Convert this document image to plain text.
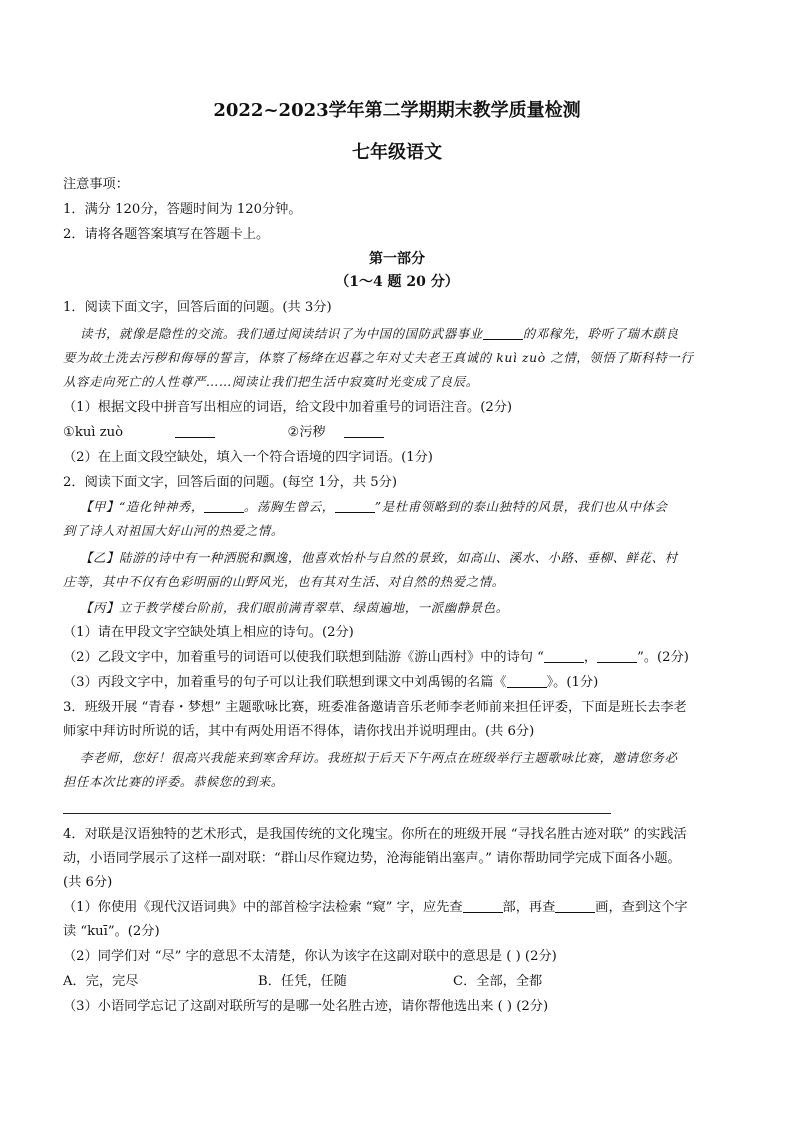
2022~2023学年第二学期期末教学质量检测
七年级语文
注意事项：
1．满分 120分，答题时间为 120分钟。
2．请将各题答案填写在答题卡上。
第一部分
（1～4 题 20 分）
1．阅读下面文字，回答后面的问题。(共 3分)
读书，就像是隐性的交流。我们通过阅读结识了为中国的国防武器事业	的邓稼先，聆听了瑞木蕻良
要为故土洗去污秽和侮辱的誓言，体察了杨绛在迟暮之年对丈夫老王真诚的 kuì zuò 之情，领悟了斯科特一行
从容走向死亡的人性尊严……阅读让我们把生活中寂寞时光变成了良辰。
（1）根据文段中拼音写出相应的词语，给文段中加着重号的词语注音。(2分)
①kuì zuò	②污秽
（2）在上面文段空缺处，填入一个符合语境的四字词语。(1分)
2．阅读下面文字，回答后面的问题。(每空 1分，共 5分)
【甲】“造化钟神秀，	。荡胸生曾云，	”是杜甫领略到的泰山独特的风景，我们也从中体会
到了诗人对祖国大好山河的热爱之情。
【乙】陆游的诗中有一种洒脱和飘逸，他喜欢怡朴与自然的景致，如高山、溪水、小路、垂柳、鲜花、村
庄等，其中不仅有色彩明丽的山野风光，也有其对生活、对自然的热爱之情。
【丙】立于教学楼台阶前，我们眼前满青翠草、绿茵遍地，一派幽静景色。
（1）请在甲段文字空缺处填上相应的诗句。(2分)
（2）乙段文字中，加着重号的词语可以使我们联想到陆游《游山西村》中的诗句 “	，	”。(2分)
（3）丙段文字中，加着重号的句子可以让我们联想到课文中刘禹锡的名篇《	》。(1分)
3．班级开展 “青春・梦想” 主题歌咏比赛，班委准备邀请音乐老师李老师前来担任评委，下面是班长去李老
师家中拜访时所说的话，其中有两处用语不得体，请你找出并说明理由。(共 6分)
李老师，您好！很高兴我能来到寒舍拜访。我班拟于后天下午两点在班级举行主题歌咏比赛，邀请您务必
担任本次比赛的评委。恭候您的到来。
4．对联是汉语独特的艺术形式，是我国传统的文化瑰宝。你所在的班级开展 “寻找名胜古迹对联” 的实践活
动，小语同学展示了这样一副对联：“群山尽作窥边势，沧海能销出塞声。” 请你帮助同学完成下面各小题。
(共 6分)
（1）你使用《现代汉语词典》中的部首检字法检索 “窥” 字，应先查	部，再查	画，查到这个字
读 “kuī”。(2分)
（2）同学们对 “尽” 字的意思不太清楚，你认为该字在这副对联中的意思是 ( ) (2分)
A．完，完尽	B．任凭，任随	C．全部，全都
（3）小语同学忘记了这副对联所写的是哪一处名胜古迹，请你帮他选出来 ( ) (2分)
